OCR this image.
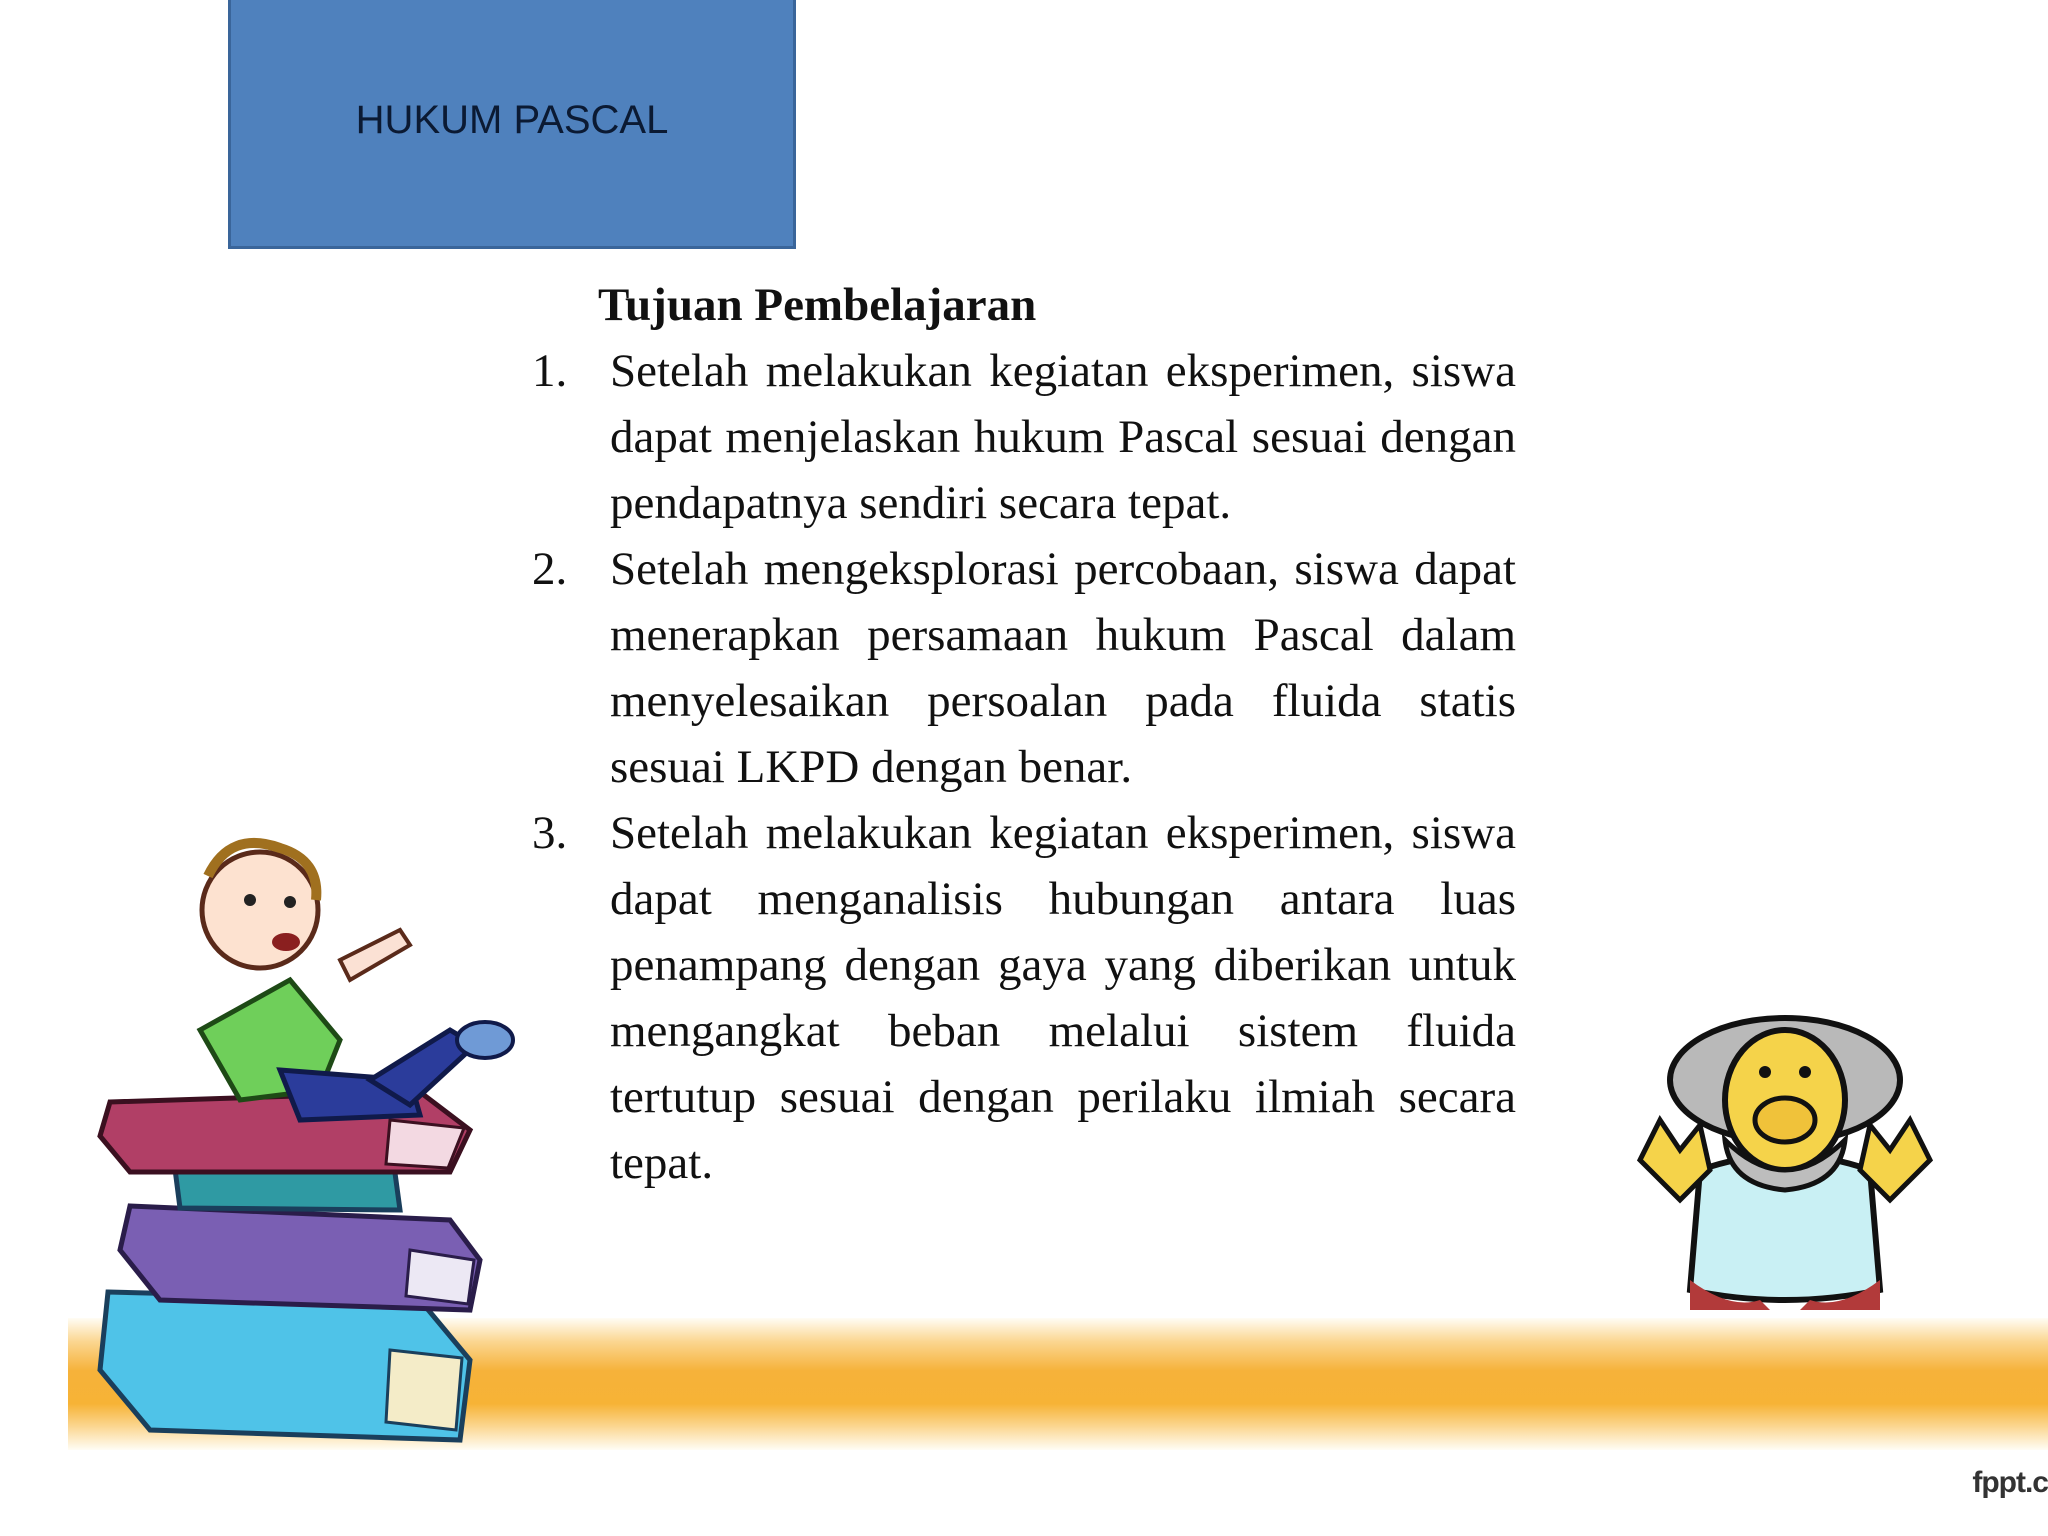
HUKUM PASCAL
Tujuan Pembelajaran
1. Setelah melakukan kegiatan eksperimen, siswa dapat menjelaskan hukum Pascal sesuai dengan pendapatnya sendiri secara tepat.
2. Setelah mengeksplorasi percobaan, siswa dapat menerapkan persamaan hukum Pascal dalam menyelesaikan persoalan pada fluida statis sesuai LKPD dengan benar.
3. Setelah melakukan kegiatan eksperimen, siswa dapat menganalisis hubungan antara luas penampang dengan gaya yang diberikan untuk mengangkat beban melalui sistem fluida tertutup sesuai dengan perilaku ilmiah secara tepat.
fppt.c
